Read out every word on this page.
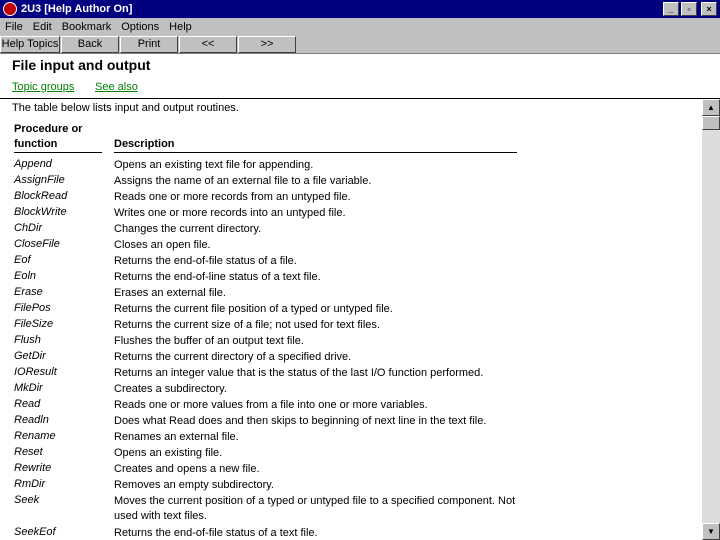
2U3 [Help Author On]	_	▫	×
File Edit Bookmark Options Help
Help Topics	Back	Print	<<	>>
File input and output
Topic groups See also
The table below lists input and output routines.
Procedure or function	Description
Append	Opens an existing text file for appending.
AssignFile	Assigns the name of an external file to a file variable.
BlockRead	Reads one or more records from an untyped file.
BlockWrite	Writes one or more records into an untyped file.
ChDir	Changes the current directory.
CloseFile	Closes an open file.
Eof	Returns the end-of-file status of a file.
Eoln	Returns the end-of-line status of a text file.
Erase	Erases an external file.
FilePos	Returns the current file position of a typed or untyped file.
FileSize	Returns the current size of a file; not used for text files.
Flush	Flushes the buffer of an output text file.
GetDir	Returns the current directory of a specified drive.
IOResult	Returns an integer value that is the status of the last I/O function performed.
MkDir	Creates a subdirectory.
Read	Reads one or more values from a file into one or more variables.
Readln	Does what Read does and then skips to beginning of next line in the text file.
Rename	Renames an external file.
Reset	Opens an existing file.
Rewrite	Creates and opens a new file.
RmDir	Removes an empty subdirectory.
Seek	Moves the current position of a typed or untyped file to a specified component. Not used with text files.
SeekEof	Returns the end-of-file status of a text file.
▲
▼
